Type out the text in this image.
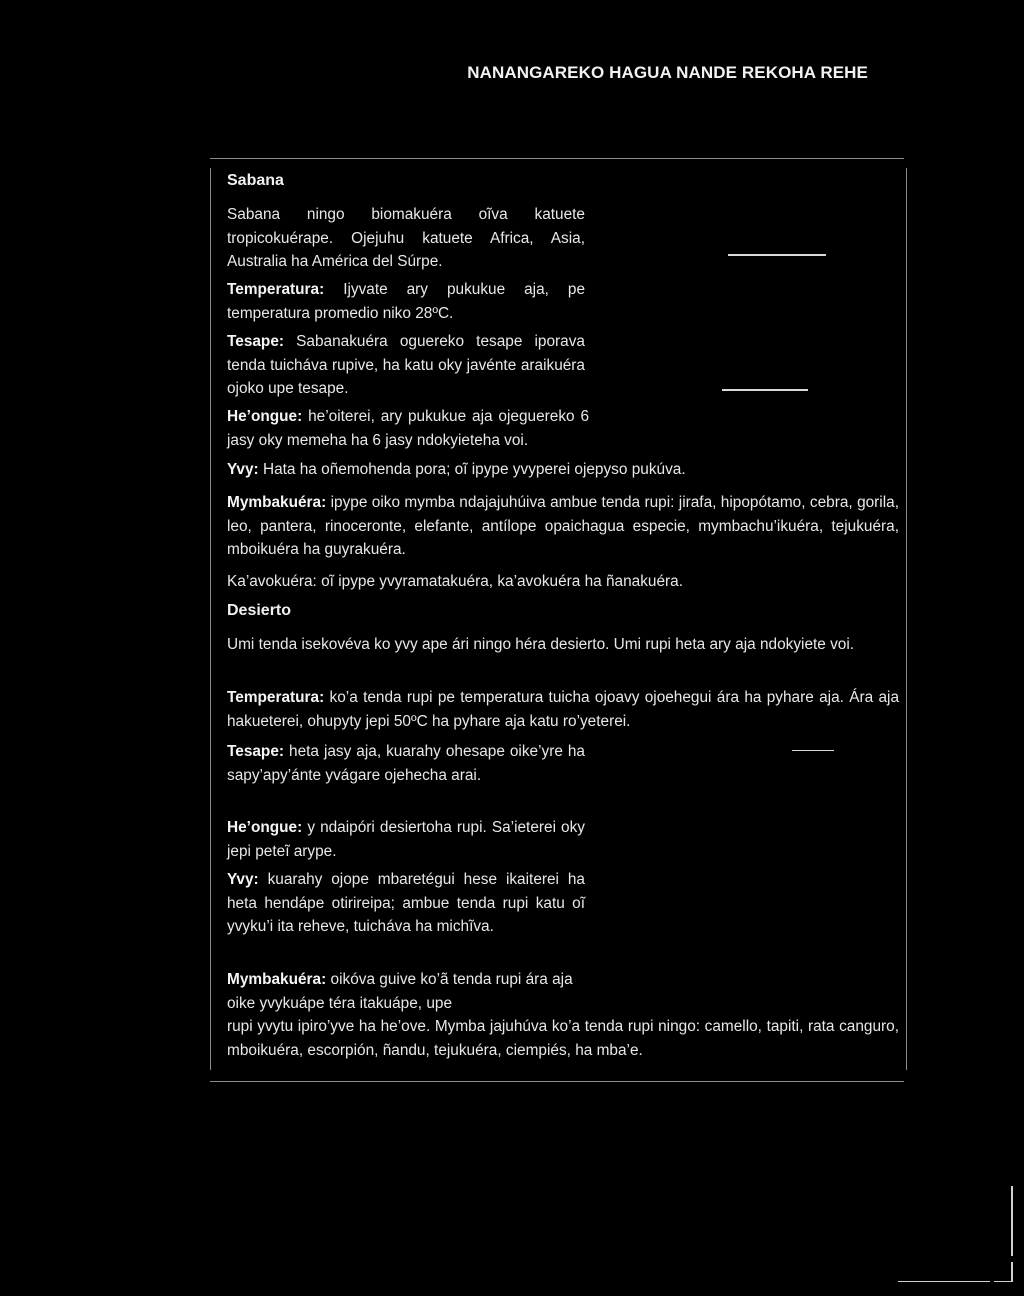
NANANGAREKO HAGUA NANDE REKOHA REHE
Sabana
Sabana ningo biomakuéra oĩva katuete tropicokuérape. Ojejuhu katuete Africa, Asia, Australia ha América del Súrpe.
Temperatura: Ijyvate ary pukukue aja, pe temperatura promedio niko 28ºC.
Tesape: Sabanakuéra oguereko tesape iporava tenda tuicháva rupive, ha katu oky javénte araikuéra ojoko upe tesape.
He’ongue: he’oiterei, ary pukukue aja ojeguereko 6 jasy oky memeha ha 6 jasy ndokyieteha voi.
Yvy: Hata ha oñemohenda pora; oĩ ipype yvyperei ojepyso pukúva.
Mymbakuéra: ipype oiko mymba ndajajuhúiva ambue tenda rupi: jirafa, hipopótamo, cebra, gorila, leo, pantera, rinoceronte, elefante, antílope opaichagua especie, mymbachu’ikuéra, tejukuéra, mboikuéra ha guyrakuéra.
Ka’avokuéra: oĩ ipype yvyramatakuéra, ka’avokuéra ha ñanakuéra.
Desierto
Umi tenda isekovéva ko yvy ape ári ningo héra desierto. Umi rupi heta ary aja ndokyiete voi.
Temperatura: ko’a tenda rupi pe temperatura tuicha ojoavy ojoehegui ára ha pyhare aja. Ára aja hakueterei, ohupyty jepi 50ºC ha pyhare aja katu ro’yeterei.
Tesape: heta jasy aja, kuarahy ohesape oike’yre ha sapy’apy’ánte yvágare ojehecha arai.
He’ongue: y ndaipóri desiertoha rupi. Sa’ieterei oky jepi peteĩ arype.
Yvy: kuarahy ojope mbaretégui hese ikaiterei ha heta hendápe otirireipa; ambue tenda rupi katu oĩ yvyku’i ita reheve, tuicháva ha michĩva.
Mymbakuéra: oikóva guive ko’ã tenda rupi ára aja oike yvykuápe téra itakuápe, upe
rupi yvytu ipiro’yve ha he’ove. Mymba jajuhúva ko’a tenda rupi ningo: camello, tapiti, rata canguro, mboikuéra, escorpión, ñandu, tejukuéra, ciempiés, ha mba’e.
